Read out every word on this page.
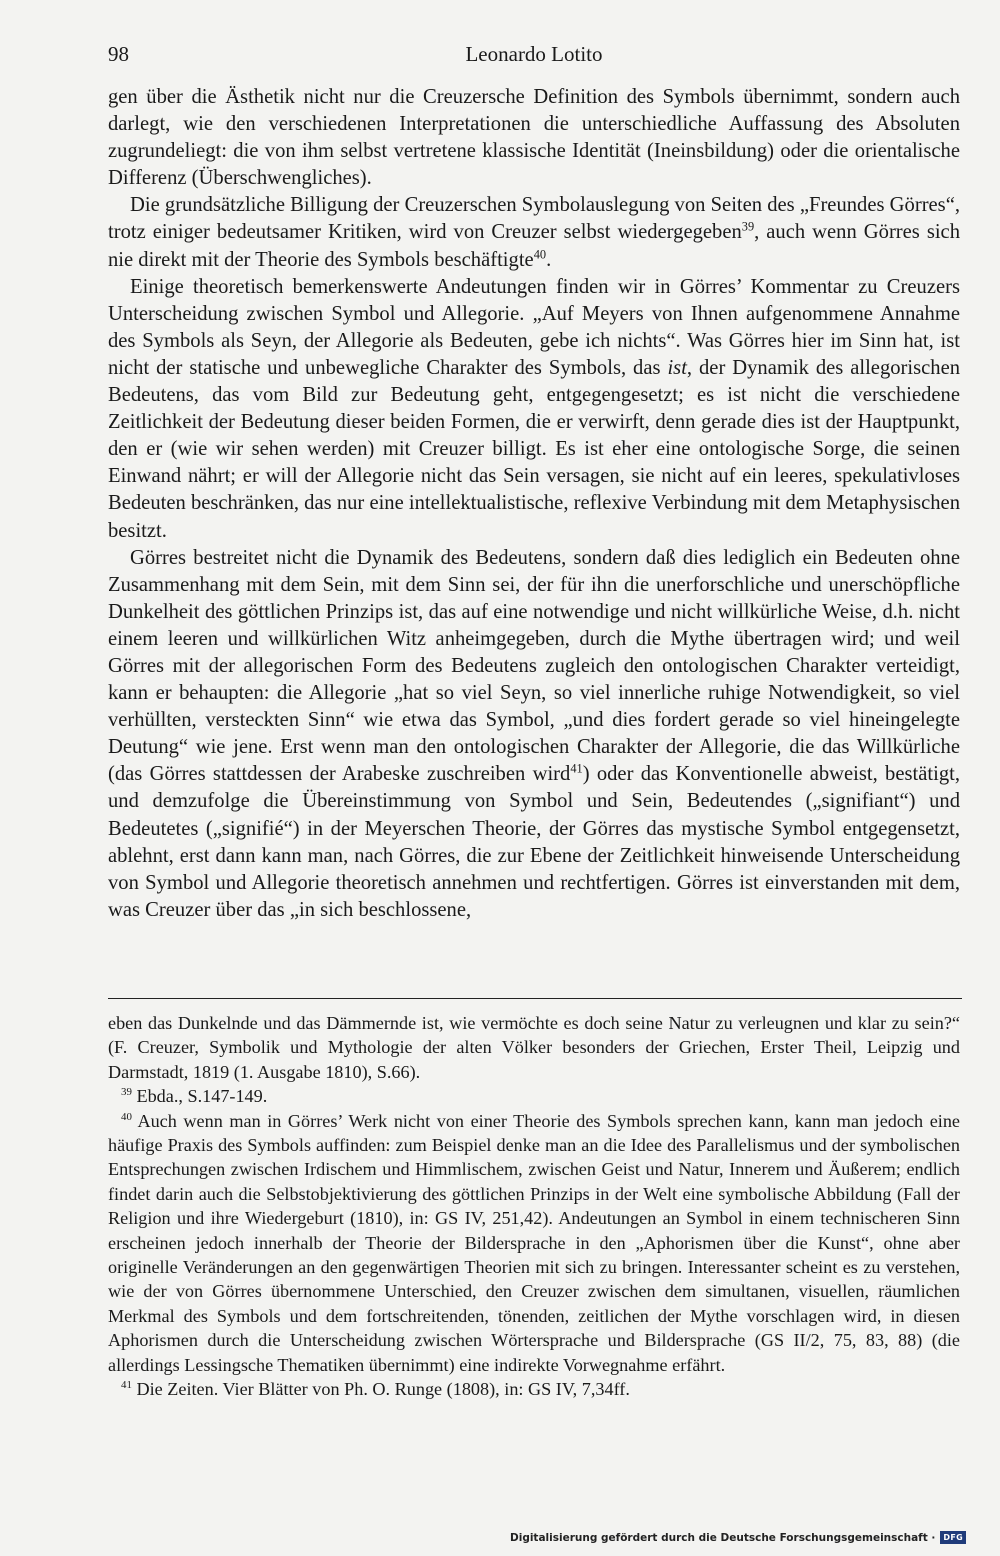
98	Leonardo Lotito

gen über die Ästhetik nicht nur die Creuzersche Definition des Symbols übernimmt, sondern auch darlegt, wie den verschiedenen Interpretationen die unterschiedliche Auffassung des Absoluten zugrundeliegt: die von ihm selbst vertretene klassische Identität (Ineinsbildung) oder die orientalische Differenz (Überschwengliches).

Die grundsätzliche Billigung der Creuzerschen Symbolauslegung von Seiten des „Freundes Görres“, trotz einiger bedeutsamer Kritiken, wird von Creuzer selbst wiedergegeben$^{39}$, auch wenn Görres sich nie direkt mit der Theorie des Symbols beschäftigte$^{40}$.

Einige theoretisch bemerkenswerte Andeutungen finden wir in Görres’ Kommentar zu Creuzers Unterscheidung zwischen Symbol und Allegorie. „Auf Meyers von Ihnen aufgenommene Annahme des Symbols als Seyn, der Allegorie als Bedeuten, gebe ich nichts“. Was Görres hier im Sinn hat, ist nicht der statische und unbewegliche Charakter des Symbols, das ist, der Dynamik des allegorischen Bedeutens, das vom Bild zur Bedeutung geht, entgegengesetzt; es ist nicht die verschiedene Zeitlichkeit der Bedeutung dieser beiden Formen, die er verwirft, denn gerade dies ist der Hauptpunkt, den er (wie wir sehen werden) mit Creuzer billigt. Es ist eher eine ontologische Sorge, die seinen Einwand nährt; er will der Allegorie nicht das Sein versagen, sie nicht auf ein leeres, spekulativloses Bedeuten beschränken, das nur eine intellektualistische, reflexive Verbindung mit dem Metaphysischen besitzt.

Görres bestreitet nicht die Dynamik des Bedeutens, sondern daß dies lediglich ein Bedeuten ohne Zusammenhang mit dem Sein, mit dem Sinn sei, der für ihn die unerforschliche und unerschöpfliche Dunkelheit des göttlichen Prinzips ist, das auf eine notwendige und nicht willkürliche Weise, d.h. nicht einem leeren und willkürlichen Witz anheimgegeben, durch die Mythe übertragen wird; und weil Görres mit der allegorischen Form des Bedeutens zugleich den ontologischen Charakter verteidigt, kann er behaupten: die Allegorie „hat so viel Seyn, so viel innerliche ruhige Notwendigkeit, so viel verhüllten, versteckten Sinn“ wie etwa das Symbol, „und dies fordert gerade so viel hineingelegte Deutung“ wie jene. Erst wenn man den ontologischen Charakter der Allegorie, die das Willkürliche (das Görres stattdessen der Arabeske zuschreiben wird$^{41}$) oder das Konventionelle abweist, bestätigt, und demzufolge die Übereinstimmung von Symbol und Sein, Bedeutendes („signifiant“) und Bedeutetes („signifié“) in der Meyerschen Theorie, der Görres das mystische Symbol entgegensetzt, ablehnt, erst dann kann man, nach Görres, die zur Ebene der Zeitlichkeit hinweisende Unterscheidung von Symbol und Allegorie theoretisch annehmen und rechtfertigen. Görres ist einverstanden mit dem, was Creuzer über das „in sich beschlossene,

eben das Dunkelnde und das Dämmernde ist, wie vermöchte es doch seine Natur zu verleugnen und klar zu sein?“ (F. Creuzer, Symbolik und Mythologie der alten Völker besonders der Griechen, Erster Theil, Leipzig und Darmstadt, 1819 (1. Ausgabe 1810), S.66).

$^{39}$ Ebda., S.147-149.

$^{40}$ Auch wenn man in Görres’ Werk nicht von einer Theorie des Symbols sprechen kann, kann man jedoch eine häufige Praxis des Symbols auffinden: zum Beispiel denke man an die Idee des Parallelismus und der symbolischen Entsprechungen zwischen Irdischem und Himmlischem, zwischen Geist und Natur, Innerem und Äußerem; endlich findet darin auch die Selbstobjektivierung des göttlichen Prinzips in der Welt eine symbolische Abbildung (Fall der Religion und ihre Wiedergeburt (1810), in: GS IV, 251,42). Andeutungen an Symbol in einem technischeren Sinn erscheinen jedoch innerhalb der Theorie der Bildersprache in den „Aphorismen über die Kunst“, ohne aber originelle Veränderungen an den gegenwärtigen Theorien mit sich zu bringen. Interessanter scheint es zu verstehen, wie der von Görres übernommene Unterschied, den Creuzer zwischen dem simultanen, visuellen, räumlichen Merkmal des Symbols und dem fortschreitenden, tönenden, zeitlichen der Mythe vorschlagen wird, in diesen Aphorismen durch die Unterscheidung zwischen Wörtersprache und Bildersprache (GS II/2, 75, 83, 88) (die allerdings Lessingsche Thematiken übernimmt) eine indirekte Vorwegnahme erfährt.

$^{41}$ Die Zeiten. Vier Blätter von Ph. O. Runge (1808), in: GS IV, 7,34ff.

Digitalisierung gefördert durch die Deutsche Forschungsgemeinschaft ·	DFG
